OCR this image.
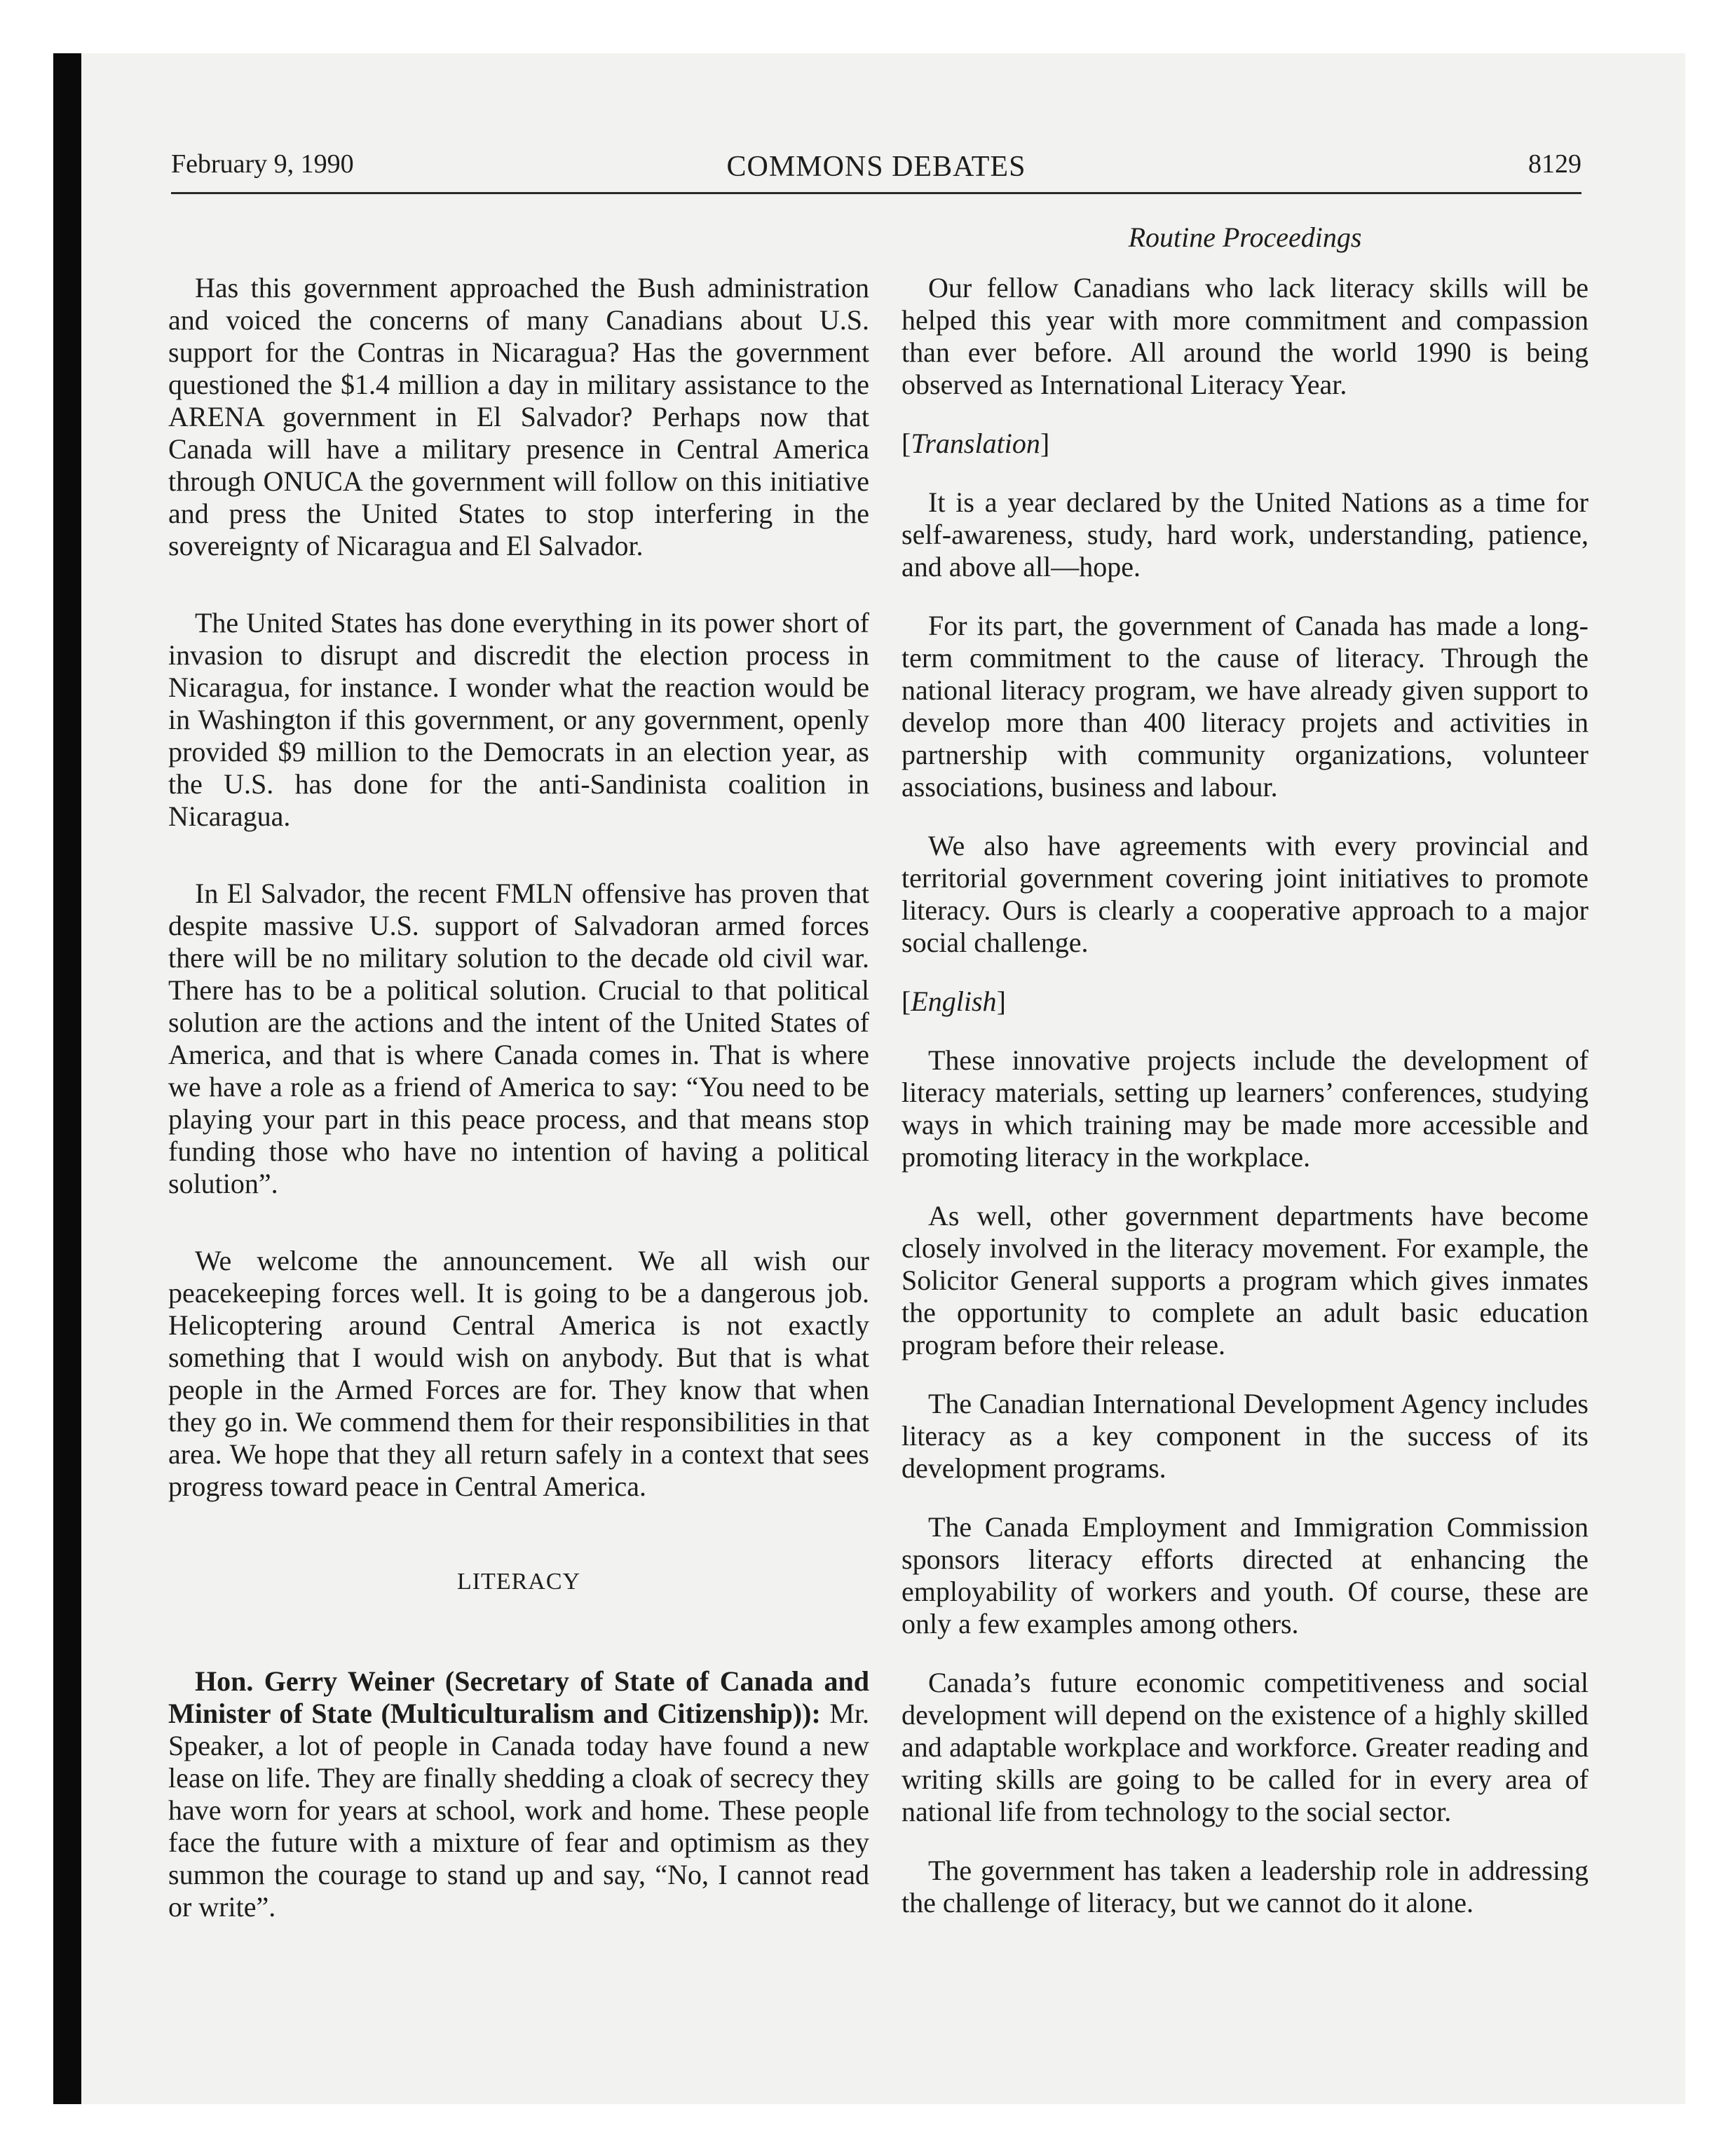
February 9, 1990	COMMONS DEBATES	8129

Has this government approached the Bush administration and voiced the concerns of many Canadians about U.S. support for the Contras in Nicaragua? Has the government questioned the $1.4 million a day in military assistance to the ARENA government in El Salvador? Perhaps now that Canada will have a military presence in Central America through ONUCA the government will follow on this initiative and press the United States to stop interfering in the sovereignty of Nicaragua and El Salvador.

The United States has done everything in its power short of invasion to disrupt and discredit the election process in Nicaragua, for instance. I wonder what the reaction would be in Washington if this government, or any government, openly provided $9 million to the Democrats in an election year, as the U.S. has done for the anti-Sandinista coalition in Nicaragua.

In El Salvador, the recent FMLN offensive has proven that despite massive U.S. support of Salvadoran armed forces there will be no military solution to the decade old civil war. There has to be a political solution. Crucial to that political solution are the actions and the intent of the United States of America, and that is where Canada comes in. That is where we have a role as a friend of America to say: “You need to be playing your part in this peace process, and that means stop funding those who have no intention of having a political solution”.

We welcome the announcement. We all wish our peacekeeping forces well. It is going to be a dangerous job. Helicoptering around Central America is not exactly something that I would wish on anybody. But that is what people in the Armed Forces are for. They know that when they go in. We commend them for their responsibilities in that area. We hope that they all return safely in a context that sees progress toward peace in Central America.

LITERACY

Hon. Gerry Weiner (Secretary of State of Canada and Minister of State (Multiculturalism and Citizenship)): Mr. Speaker, a lot of people in Canada today have found a new lease on life. They are finally shedding a cloak of secrecy they have worn for years at school, work and home. These people face the future with a mixture of fear and optimism as they summon the courage to stand up and say, “No, I cannot read or write”.

Routine Proceedings

Our fellow Canadians who lack literacy skills will be helped this year with more commitment and compassion than ever before. All around the world 1990 is being observed as International Literacy Year.

[Translation]

It is a year declared by the United Nations as a time for self-awareness, study, hard work, understanding, patience, and above all—hope.

For its part, the government of Canada has made a long-term commitment to the cause of literacy. Through the national literacy program, we have already given support to develop more than 400 literacy projets and activities in partnership with community organizations, volunteer associations, business and labour.

We also have agreements with every provincial and territorial government covering joint initiatives to promote literacy. Ours is clearly a cooperative approach to a major social challenge.

[English]

These innovative projects include the development of literacy materials, setting up learners’ conferences, studying ways in which training may be made more accessible and promoting literacy in the workplace.

As well, other government departments have become closely involved in the literacy movement. For example, the Solicitor General supports a program which gives inmates the opportunity to complete an adult basic education program before their release.

The Canadian International Development Agency includes literacy as a key component in the success of its development programs.

The Canada Employment and Immigration Commission sponsors literacy efforts directed at enhancing the employability of workers and youth. Of course, these are only a few examples among others.

Canada’s future economic competitiveness and social development will depend on the existence of a highly skilled and adaptable workplace and workforce. Greater reading and writing skills are going to be called for in every area of national life from technology to the social sector.

The government has taken a leadership role in addressing the challenge of literacy, but we cannot do it alone.
